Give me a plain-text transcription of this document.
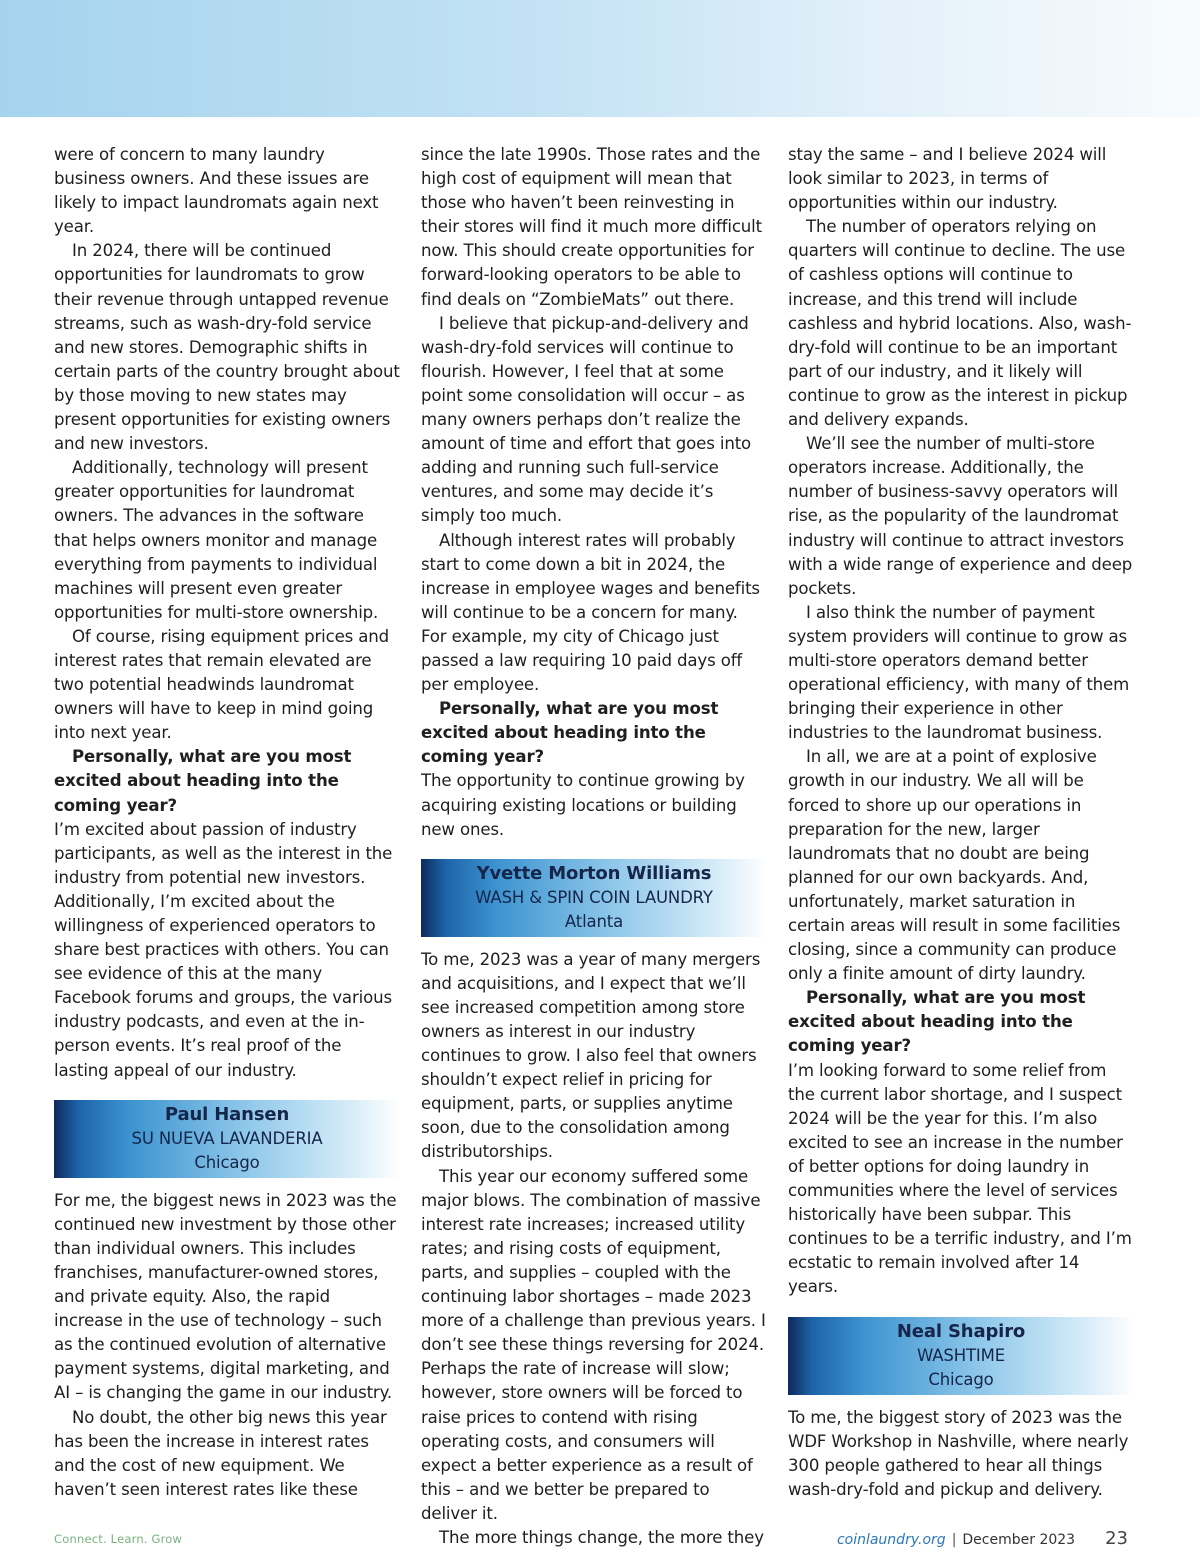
were of concern to many laundry business owners. And these issues are likely to impact laundromats again next year.

In 2024, there will be continued opportunities for laundromats to grow their revenue through untapped revenue streams, such as wash-dry-fold service and new stores. Demographic shifts in certain parts of the country brought about by those moving to new states may present opportunities for existing owners and new investors.

Additionally, technology will present greater opportunities for laundromat owners. The advances in the software that helps owners monitor and manage everything from payments to individual machines will present even greater opportunities for multi-store ownership.

Of course, rising equipment prices and interest rates that remain elevated are two potential headwinds laundromat owners will have to keep in mind going into next year.

Personally, what are you most excited about heading into the coming year?

I’m excited about passion of industry participants, as well as the interest in the industry from potential new investors. Additionally, I’m excited about the willingness of experienced operators to share best practices with others. You can see evidence of this at the many Facebook forums and groups, the various industry podcasts, and even at the in-person events. It’s real proof of the lasting appeal of our industry.

Paul Hansen
SU NUEVA LAVANDERIA
Chicago

For me, the biggest news in 2023 was the continued new investment by those other than individual owners. This includes franchises, manufacturer-owned stores, and private equity. Also, the rapid increase in the use of technology – such as the continued evolution of alternative payment systems, digital marketing, and AI – is changing the game in our industry.

No doubt, the other big news this year has been the increase in interest rates and the cost of new equipment. We haven’t seen interest rates like these

since the late 1990s. Those rates and the high cost of equipment will mean that those who haven’t been reinvesting in their stores will find it much more difficult now. This should create opportunities for forward-looking operators to be able to find deals on “ZombieMats” out there.

I believe that pickup-and-delivery and wash-dry-fold services will continue to flourish. However, I feel that at some point some consolidation will occur – as many owners perhaps don’t realize the amount of time and effort that goes into adding and running such full-service ventures, and some may decide it’s simply too much.

Although interest rates will probably start to come down a bit in 2024, the increase in employee wages and benefits will continue to be a concern for many. For example, my city of Chicago just passed a law requiring 10 paid days off per employee.

Personally, what are you most excited about heading into the coming year?

The opportunity to continue growing by acquiring existing locations or building new ones.

Yvette Morton Williams
WASH & SPIN COIN LAUNDRY
Atlanta

To me, 2023 was a year of many mergers and acquisitions, and I expect that we’ll see increased competition among store owners as interest in our industry continues to grow. I also feel that owners shouldn’t expect relief in pricing for equipment, parts, or supplies anytime soon, due to the consolidation among distributorships.

This year our economy suffered some major blows. The combination of massive interest rate increases; increased utility rates; and rising costs of equipment, parts, and supplies – coupled with the continuing labor shortages – made 2023 more of a challenge than previous years. I don’t see these things reversing for 2024. Perhaps the rate of increase will slow; however, store owners will be forced to raise prices to contend with rising operating costs, and consumers will expect a better experience as a result of this – and we better be prepared to deliver it.

The more things change, the more they

stay the same – and I believe 2024 will look similar to 2023, in terms of opportunities within our industry.

The number of operators relying on quarters will continue to decline. The use of cashless options will continue to increase, and this trend will include cashless and hybrid locations. Also, wash-dry-fold will continue to be an important part of our industry, and it likely will continue to grow as the interest in pickup and delivery expands.

We’ll see the number of multi-store operators increase. Additionally, the number of business-savvy operators will rise, as the popularity of the laundromat industry will continue to attract investors with a wide range of experience and deep pockets.

I also think the number of payment system providers will continue to grow as multi-store operators demand better operational efficiency, with many of them bringing their experience in other industries to the laundromat business.

In all, we are at a point of explosive growth in our industry. We all will be forced to shore up our operations in preparation for the new, larger laundromats that no doubt are being planned for our own backyards. And, unfortunately, market saturation in certain areas will result in some facilities closing, since a community can produce only a finite amount of dirty laundry.

Personally, what are you most excited about heading into the coming year?

I’m looking forward to some relief from the current labor shortage, and I suspect 2024 will be the year for this. I’m also excited to see an increase in the number of better options for doing laundry in communities where the level of services historically have been subpar. This continues to be a terrific industry, and I’m ecstatic to remain involved after 14 years.

Neal Shapiro
WASHTIME
Chicago

To me, the biggest story of 2023 was the WDF Workshop in Nashville, where nearly 300 people gathered to hear all things wash-dry-fold and pickup and delivery.

Connect. Learn. Grow	coinlaundry.org | December 2023 23
